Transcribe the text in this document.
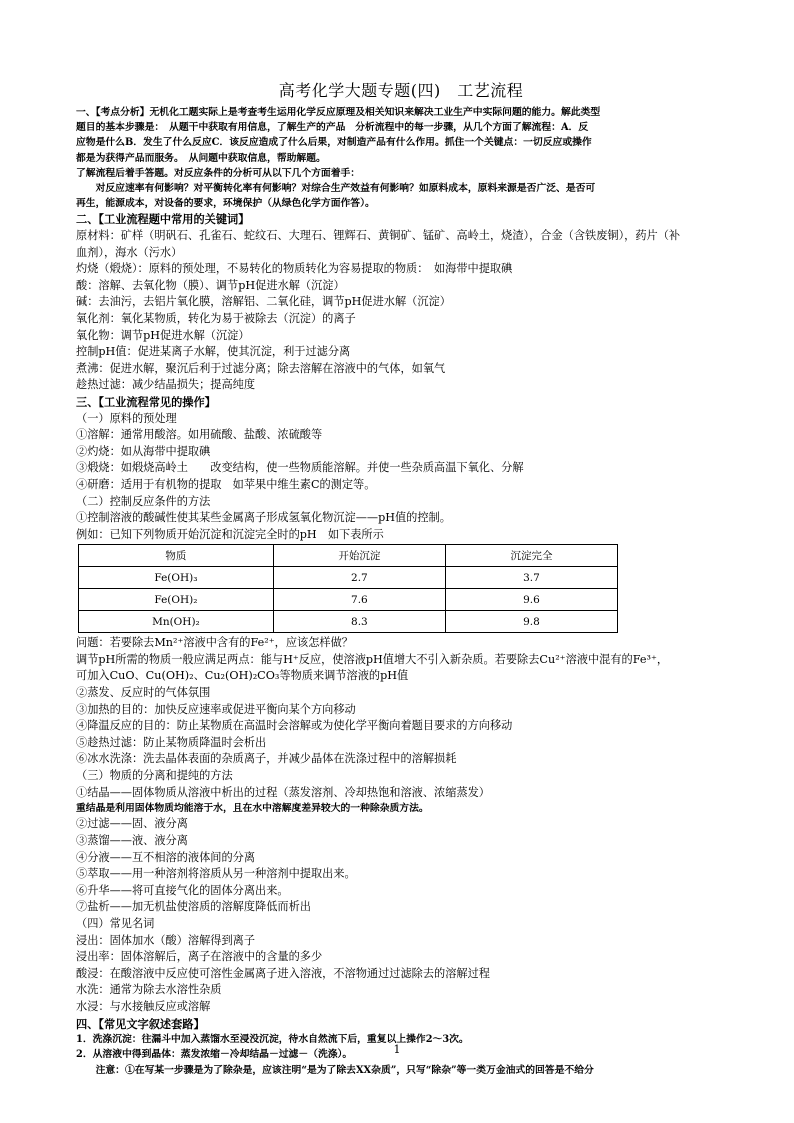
高考化学大题专题(四)　工艺流程
一、【考点分析】无机化工题实际上是考查考生运用化学反应原理及相关知识来解决工业生产中实际问题的能力。解此类型
题目的基本步骤是：　从题干中获取有用信息，了解生产的产品　分析流程中的每一步骤，从几个方面了解流程：A．反
应物是什么B．发生了什么反应C．该反应造成了什么后果，对制造产品有什么作用。抓住一个关键点：一切反应或操作
都是为获得产品而服务。　从问题中获取信息，帮助解题。
了解流程后着手答题。对反应条件的分析可从以下几个方面着手：
　　对反应速率有何影响？对平衡转化率有何影响？对综合生产效益有何影响？如原料成本，原料来源是否广泛、是否可
再生，能源成本，对设备的要求，环境保护（从绿色化学方面作答）。
二、【工业流程题中常用的关键词】
原材料：矿样（明矾石、孔雀石、蛇纹石、大理石、锂辉石、黄铜矿、锰矿、高岭土，烧渣），合金（含铁废铜），药片（补
血剂），海水（污水）
灼烧（煅烧）：原料的预处理，不易转化的物质转化为容易提取的物质：　如海带中提取碘
酸：溶解、去氧化物（膜）、调节pH促进水解（沉淀）
碱：去油污，去铝片氧化膜，溶解铝、二氧化硅，调节pH促进水解（沉淀）
氧化剂：氧化某物质，转化为易于被除去（沉淀）的离子
氧化物：调节pH促进水解（沉淀）
控制pH值：促进某离子水解，使其沉淀，利于过滤分离
煮沸：促进水解，聚沉后利于过滤分离；除去溶解在溶液中的气体，如氧气
趁热过滤：减少结晶损失；提高纯度
三、【工业流程常见的操作】
（一）原料的预处理
①溶解：通常用酸溶。如用硫酸、盐酸、浓硫酸等
②灼烧：如从海带中提取碘
③煅烧：如煅烧高岭土　　改变结构，使一些物质能溶解。并使一些杂质高温下氧化、分解
④研磨：适用于有机物的提取　如苹果中维生素C的测定等。
（二）控制反应条件的方法
①控制溶液的酸碱性使其某些金属离子形成氢氧化物沉淀——pH值的控制。
例如：已知下列物质开始沉淀和沉淀完全时的pH　如下表所示
物质	开始沉淀	沉淀完全
Fe(OH)₃	2.7	3.7
Fe(OH)₂	7.6	9.6
Mn(OH)₂	8.3	9.8
问题：若要除去Mn²⁺溶液中含有的Fe²⁺，应该怎样做？
调节pH所需的物质一般应满足两点：能与H⁺反应，使溶液pH值增大不引入新杂质。若要除去Cu²⁺溶液中混有的Fe³⁺，
可加入CuO、Cu(OH)₂、Cu₂(OH)₂CO₃等物质来调节溶液的pH值
②蒸发、反应时的气体氛围
③加热的目的：加快反应速率或促进平衡向某个方向移动
④降温反应的目的：防止某物质在高温时会溶解或为使化学平衡向着题目要求的方向移动
⑤趁热过滤：防止某物质降温时会析出
⑥冰水洗涤：洗去晶体表面的杂质离子，并减少晶体在洗涤过程中的溶解损耗
（三）物质的分离和提纯的方法
①结晶——固体物质从溶液中析出的过程（蒸发溶剂、冷却热饱和溶液、浓缩蒸发）
重结晶是利用固体物质均能溶于水，且在水中溶解度差异较大的一种除杂质方法。
②过滤——固、液分离
③蒸馏——液、液分离
④分液——互不相溶的液体间的分离
⑤萃取——用一种溶剂将溶质从另一种溶剂中提取出来。
⑥升华——将可直接气化的固体分离出来。
⑦盐析——加无机盐使溶质的溶解度降低而析出
（四）常见名词
浸出：固体加水（酸）溶解得到离子
浸出率：固体溶解后，离子在溶液中的含量的多少
酸浸：在酸溶液中反应使可溶性金属离子进入溶液，不溶物通过过滤除去的溶解过程
水洗：通常为除去水溶性杂质
水浸：与水接触反应或溶解
四、【常见文字叙述套路】
1．洗涤沉淀：往漏斗中加入蒸馏水至浸没沉淀，待水自然流下后，重复以上操作2～3次。
2．从溶液中得到晶体：蒸发浓缩－冷却结晶－过滤－（洗涤）。
　　注意：①在写某一步骤是为了除杂是，应该注明“是为了除去XX杂质”，只写“除杂”等一类万金油式的回答是不给分
1
